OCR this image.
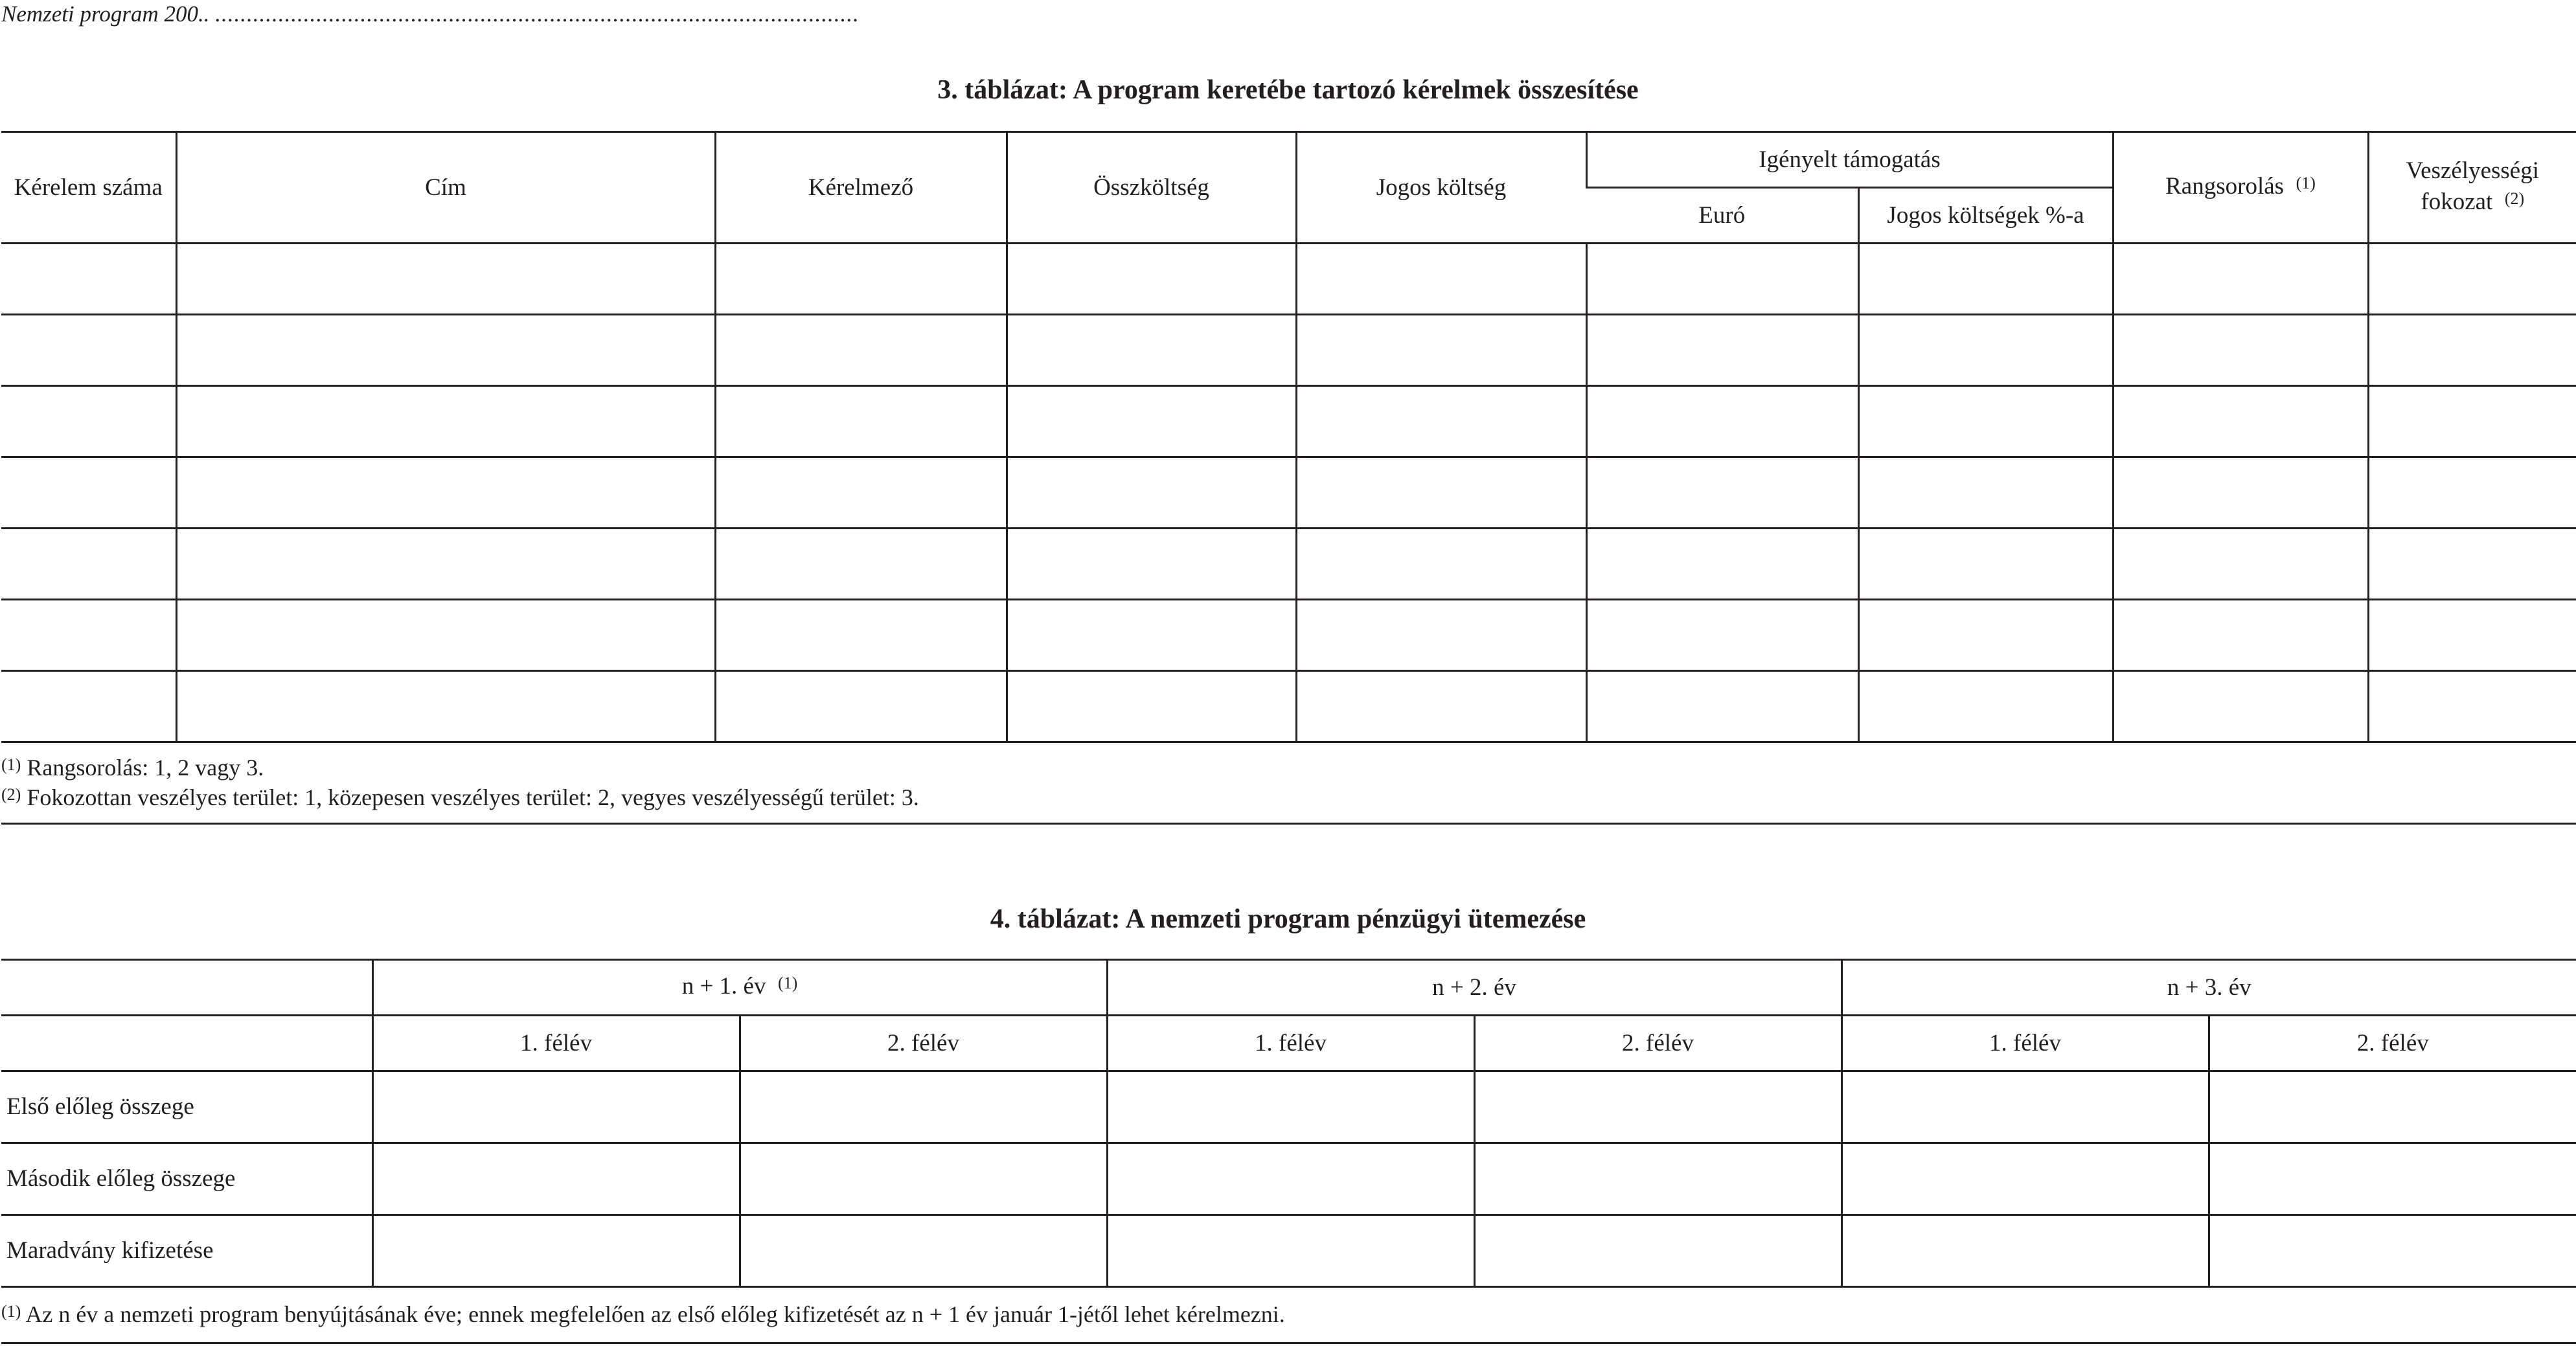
Nemzeti program 200.. ......................................................................................................
3. táblázat: A program keretébe tartozó kérelmek összesítése
Kérelem száma	Cím	Kérelmező	Összköltség	Jogos költség	Igényelt támogatás		Rangsorolás $^{(1)}$	Veszélyességi
fokozat $^{(2)}$
					Euró	Jogos költségek %-a		

$^{(1)}$ Rangsorolás: 1, 2 vagy 3.
$^{(2)}$ Fokozottan veszélyes terület: 1, közepesen veszélyes terület: 2, vegyes veszélyességű terület: 3.
4. táblázat: A nemzeti program pénzügyi ütemezése
	n + 1. év $^{(1)}$		n + 2. év		n + 3. év	
	1. félév	2. félév	1. félév	2. félév	1. félév	2. félév
Első előleg összege						
Második előleg összege						
Maradvány kifizetése						
$^{(1)}$ Az n év a nemzeti program benyújtásának éve; ennek megfelelően az első előleg kifizetését az n + 1 év január 1-jétől lehet kérelmezni.
